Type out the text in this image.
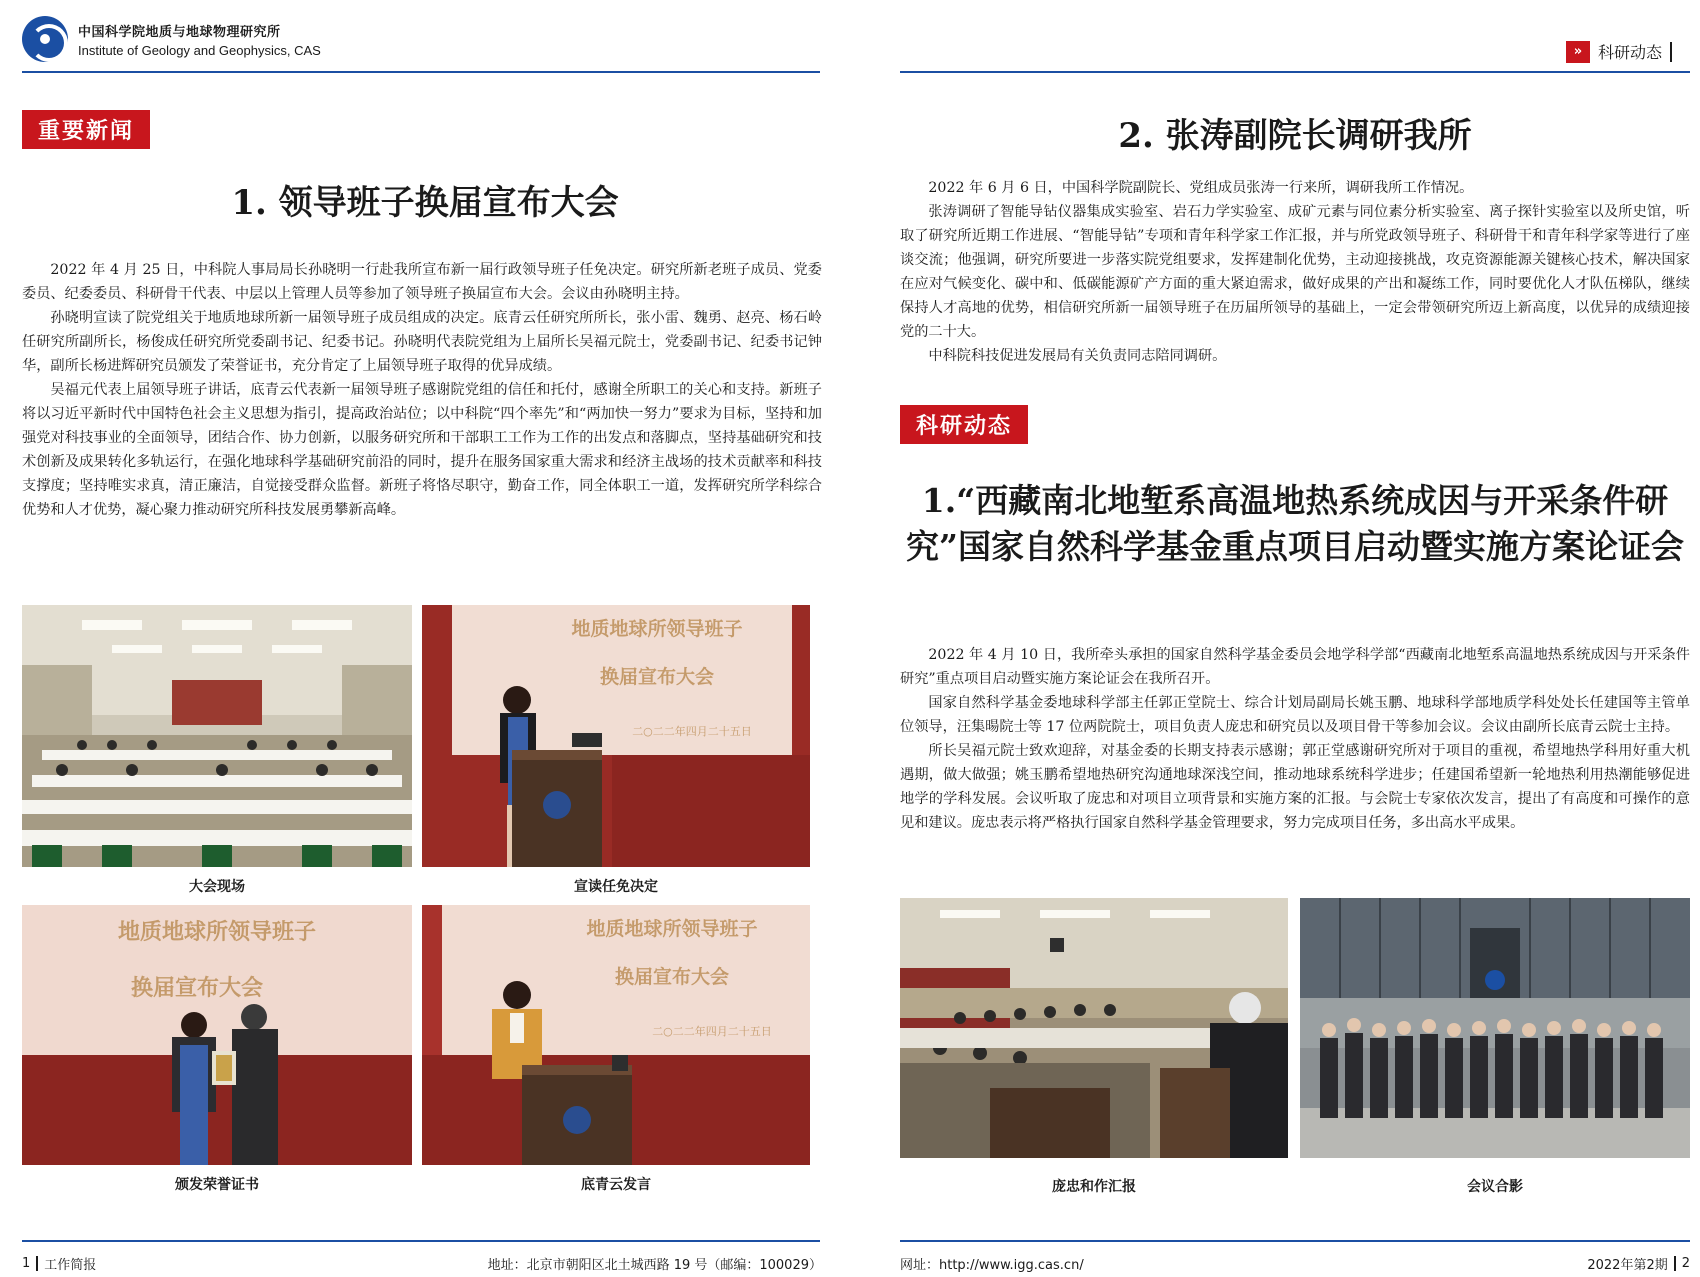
中国科学院地质与地球物理研究所
Institute of Geology and Geophysics, CAS
重要新闻
1. 领导班子换届宣布大会

2022 年 4 月 25 日，中科院人事局局长孙晓明一行赴我所宣布新一届行政领导班子任免决定。研究所新老班子成员、党委委员、纪委委员、科研骨干代表、中层以上管理人员等参加了领导班子换届宣布大会。会议由孙晓明主持。

孙晓明宣读了院党组关于地质地球所新一届领导班子成员组成的决定。底青云任研究所所长，张小雷、魏勇、赵亮、杨石岭任研究所副所长，杨俊成任研究所党委副书记、纪委书记。孙晓明代表院党组为上届所长吴福元院士，党委副书记、纪委书记钟华，副所长杨进辉研究员颁发了荣誉证书，充分肯定了上届领导班子取得的优异成绩。

吴福元代表上届领导班子讲话，底青云代表新一届领导班子感谢院党组的信任和托付，感谢全所职工的关心和支持。新班子将以习近平新时代中国特色社会主义思想为指引，提高政治站位；以中科院“四个率先”和“两加快一努力”要求为目标，坚持和加强党对科技事业的全面领导，团结合作、协力创新，以服务研究所和干部职工工作为工作的出发点和落脚点，坚持基础研究和技术创新及成果转化多轨运行，在强化地球科学基础研究前沿的同时，提升在服务国家重大需求和经济主战场的技术贡献率和科技支撑度；坚持唯实求真，清正廉洁，自觉接受群众监督。新班子将恪尽职守，勤奋工作，同全体职工一道，发挥研究所学科综合优势和人才优势，凝心聚力推动研究所科技发展勇攀新高峰。

大会现场
地质地球所领导班子
换届宣布大会
二○二二年四月二十五日
宣读任免决定
地质地球所领导班子
换届宣布大会
颁发荣誉证书
地质地球所领导班子
换届宣布大会
二○二二年四月二十五日
底青云发言
1 工作简报	地址：北京市朝阳区北土城西路 19 号（邮编：100029）
» 科研动态
2. 张涛副院长调研我所

2022 年 6 月 6 日，中国科学院副院长、党组成员张涛一行来所，调研我所工作情况。

张涛调研了智能导钻仪器集成实验室、岩石力学实验室、成矿元素与同位素分析实验室、离子探针实验室以及所史馆，听取了研究所近期工作进展、“智能导钻”专项和青年科学家工作汇报，并与所党政领导班子、科研骨干和青年科学家等进行了座谈交流；他强调，研究所要进一步落实院党组要求，发挥建制化优势，主动迎接挑战，攻克资源能源关键核心技术，解决国家在应对气候变化、碳中和、低碳能源矿产方面的重大紧迫需求，做好成果的产出和凝练工作，同时要优化人才队伍梯队，继续保持人才高地的优势，相信研究所新一届领导班子在历届所领导的基础上，一定会带领研究所迈上新高度，以优异的成绩迎接党的二十大。

中科院科技促进发展局有关负责同志陪同调研。

科研动态
1.“西藏南北地堑系高温地热系统成因与开采条件研究”国家自然科学基金重点项目启动暨实施方案论证会

2022 年 4 月 10 日，我所牵头承担的国家自然科学基金委员会地学科学部“西藏南北地堑系高温地热系统成因与开采条件研究”重点项目启动暨实施方案论证会在我所召开。

国家自然科学基金委地球科学部主任郭正堂院士、综合计划局副局长姚玉鹏、地球科学部地质学科处处长任建国等主管单位领导，汪集暘院士等 17 位两院院士，项目负责人庞忠和研究员以及项目骨干等参加会议。会议由副所长底青云院士主持。

所长吴福元院士致欢迎辞，对基金委的长期支持表示感谢；郭正堂感谢研究所对于项目的重视，希望地热学科用好重大机遇期，做大做强；姚玉鹏希望地热研究沟通地球深浅空间，推动地球系统科学进步；任建国希望新一轮地热利用热潮能够促进地学的学科发展。会议听取了庞忠和对项目立项背景和实施方案的汇报。与会院士专家依次发言，提出了有高度和可操作的意见和建议。庞忠表示将严格执行国家自然科学基金管理要求，努力完成项目任务，多出高水平成果。

庞忠和作汇报	会议合影
网址：http://www.igg.cas.cn/	2022年第2期 2
